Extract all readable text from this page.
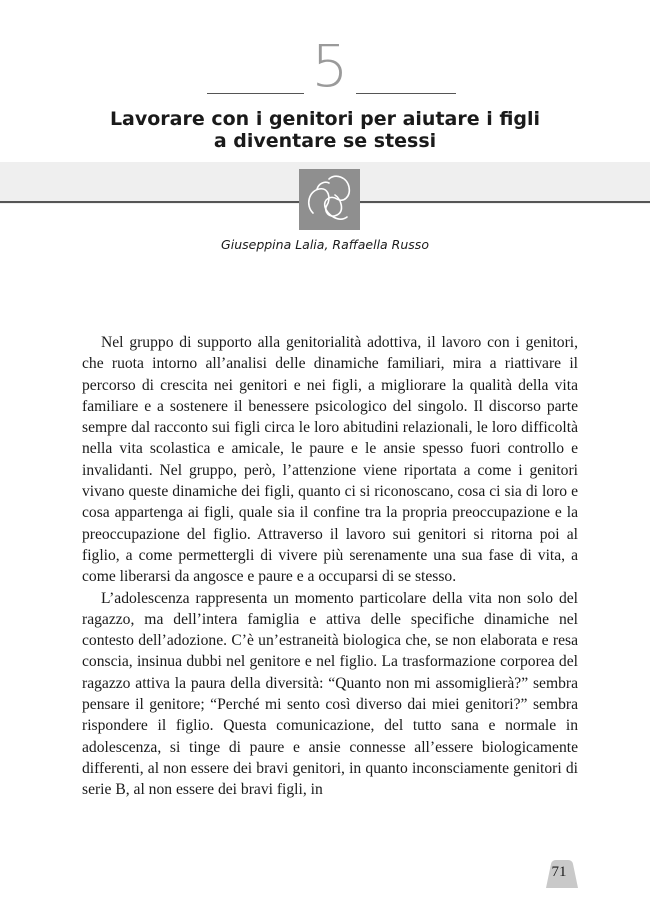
5
Lavorare con i genitori per aiutare i figli
a diventare se stessi
Giuseppina Lalia, Raffaella Russo

Nel gruppo di supporto alla genitorialità adottiva, il lavoro con i genitori, che ruota intorno all’analisi delle dinamiche familiari, mira a riattivare il percorso di crescita nei genitori e nei figli, a migliorare la qualità della vita familiare e a sostenere il benessere psicologico del singolo. Il discorso parte sempre dal racconto sui figli circa le loro abitudini relazionali, le loro difficoltà nella vita scolastica e amicale, le paure e le ansie spesso fuori controllo e invalidanti. Nel gruppo, però, l’attenzione viene riportata a come i genitori vivano queste dinamiche dei figli, quanto ci si riconoscano, cosa ci sia di loro e cosa appartenga ai figli, quale sia il confine tra la propria preoccupazione e la preoccupazione del figlio. Attraverso il lavoro sui genitori si ritorna poi al figlio, a come permettergli di vivere più serenamente una sua fase di vita, a come liberarsi da angosce e paure e a occuparsi di se stesso.

L’adolescenza rappresenta un momento particolare della vita non solo del ragazzo, ma dell’intera famiglia e attiva delle specifiche dinamiche nel contesto dell’adozione. C’è un’estraneità biologica che, se non elaborata e resa conscia, insinua dubbi nel genitore e nel figlio. La trasformazione corporea del ragazzo attiva la paura della diversità: “Quanto non mi assomiglierà?” sembra pensare il genitore; “Perché mi sento così diverso dai miei genitori?” sembra rispondere il figlio. Questa comunicazione, del tutto sana e normale in adolescenza, si tinge di paure e ansie connesse all’essere biologicamente differenti, al non essere dei bravi genitori, in quanto inconsciamente genitori di serie B, al non essere dei bravi figli, in

71
